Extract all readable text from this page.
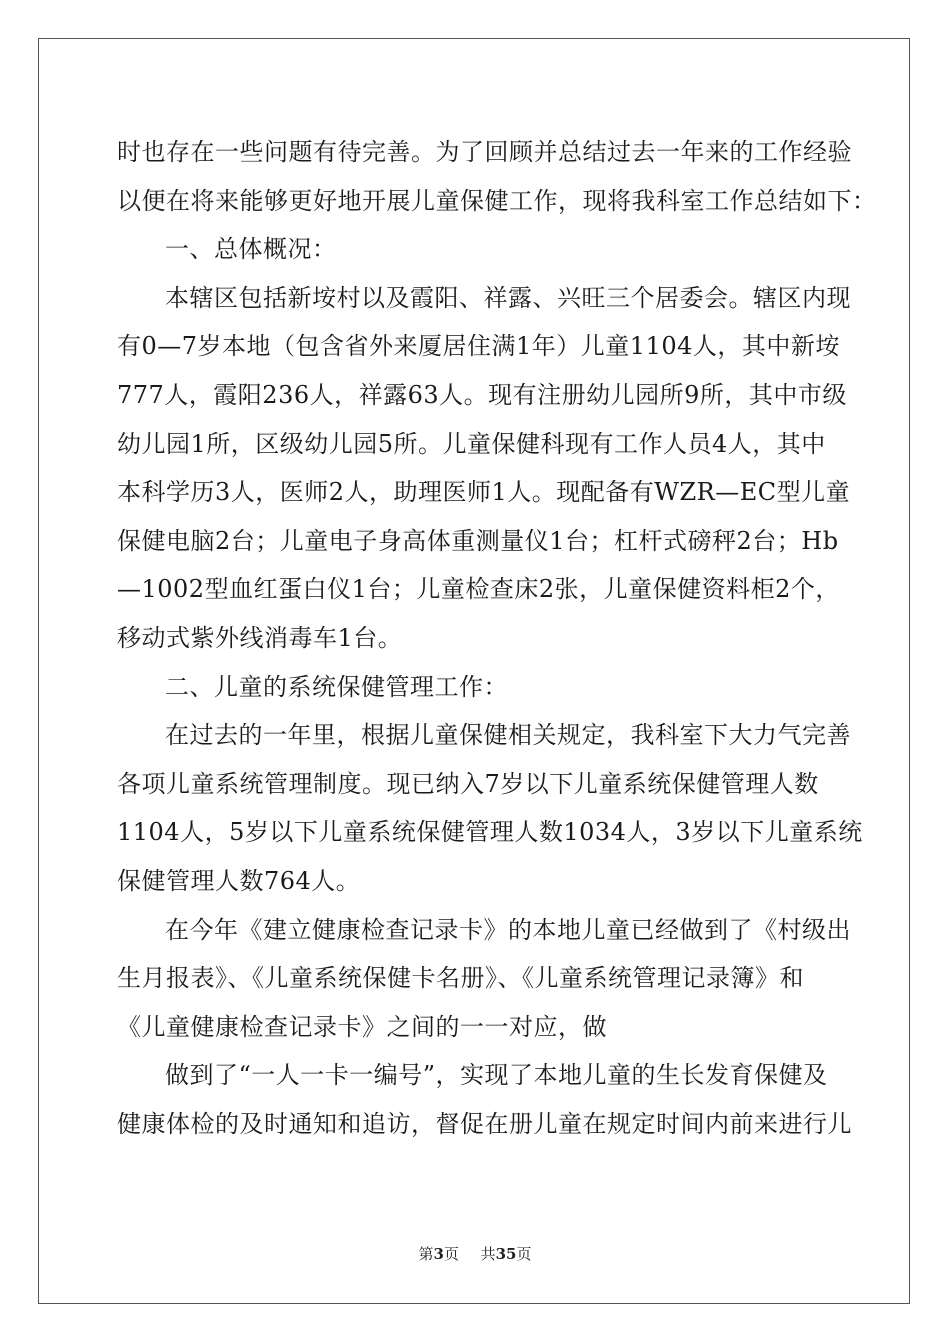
时也存在一些问题有待完善。为了回顾并总结过去一年来的工作经验
以便在将来能够更好地开展儿童保健工作，现将我科室工作总结如下：
一、总体概况：
本辖区包括新垵村以及霞阳、祥露、兴旺三个居委会。辖区内现
有0—7岁本地（包含省外来厦居住满1年）儿童1104人，其中新垵
777人，霞阳236人，祥露63人。现有注册幼儿园所9所，其中市级
幼儿园1所，区级幼儿园5所。儿童保健科现有工作人员4人，其中
本科学历3人，医师2人，助理医师1人。现配备有WZR—EC型儿童
保健电脑2台；儿童电子身高体重测量仪1台；杠杆式磅秤2台；Hb
—1002型血红蛋白仪1台；儿童检查床2张，儿童保健资料柜2个，
移动式紫外线消毒车1台。
二、儿童的系统保健管理工作：
在过去的一年里，根据儿童保健相关规定，我科室下大力气完善
各项儿童系统管理制度。现已纳入7岁以下儿童系统保健管理人数
1104人，5岁以下儿童系统保健管理人数1034人，3岁以下儿童系统
保健管理人数764人。
在今年《建立健康检查记录卡》的本地儿童已经做到了《村级出
生月报表》、《儿童系统保健卡名册》、《儿童系统管理记录簿》和
《儿童健康检查记录卡》之间的一一对应，做
做到了“一人一卡一编号”，实现了本地儿童的生长发育保健及
健康体检的及时通知和追访，督促在册儿童在规定时间内前来进行儿
第3页 共35页
